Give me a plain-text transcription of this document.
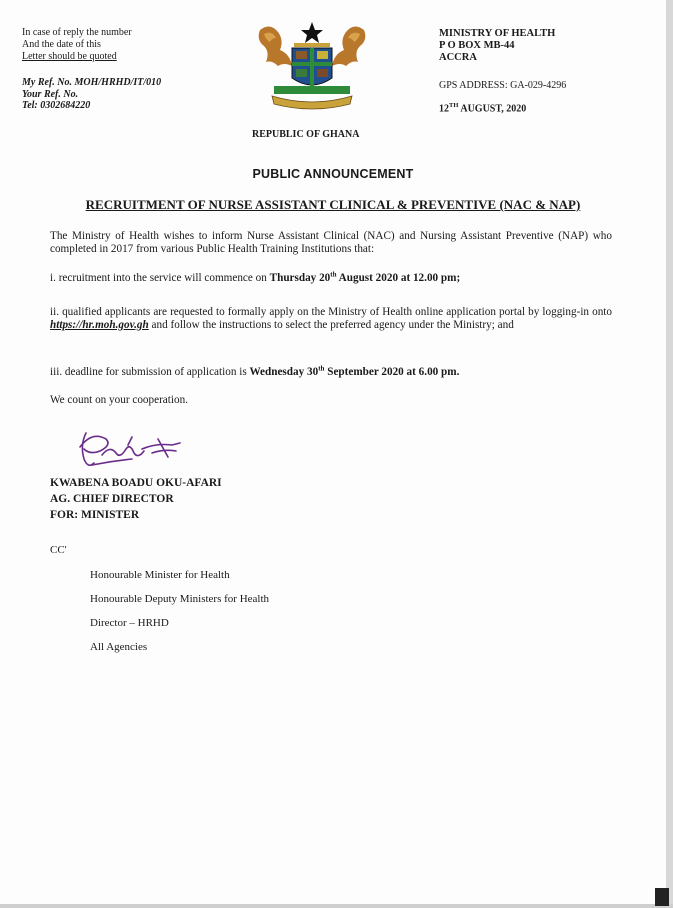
In case of reply the number
And the date of this
Letter should be quoted
My Ref. No. MOH/HRHD/IT/010
Your Ref. No.
Tel: 0302684220
MINISTRY OF HEALTH
P O BOX MB-44
ACCRA
GPS ADDRESS: GA-029-4296
12TH AUGUST, 2020
REPUBLIC OF GHANA
PUBLIC ANNOUNCEMENT
RECRUITMENT OF NURSE ASSISTANT CLINICAL & PREVENTIVE (NAC & NAP)
The Ministry of Health wishes to inform Nurse Assistant Clinical (NAC) and Nursing Assistant Preventive (NAP) who completed in 2017 from various Public Health Training Institutions that:
i. recruitment into the service will commence on Thursday 20th August 2020 at 12.00 pm;
ii. qualified applicants are requested to formally apply on the Ministry of Health online application portal by logging-in onto https://hr.moh.gov.gh and follow the instructions to select the preferred agency under the Ministry; and
iii. deadline for submission of application is Wednesday 30th September 2020 at 6.00 pm.
We count on your cooperation.
KWABENA BOADU OKU-AFARI
AG. CHIEF DIRECTOR
FOR: MINISTER
CC'
Honourable Minister for Health
Honourable Deputy Ministers for Health
Director – HRHD
All Agencies
